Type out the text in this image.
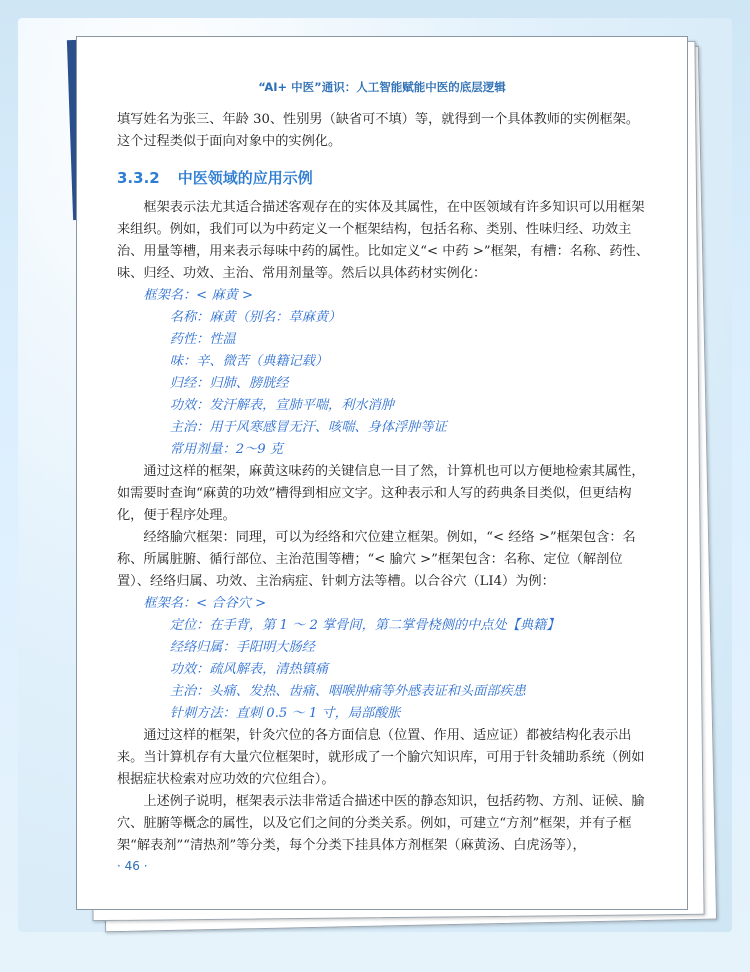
“AI+ 中医”通识：人工智能赋能中医的底层逻辑

填写姓名为张三、年龄 30、性别男（缺省可不填）等，就得到一个具体教师的实例框架。这个过程类似于面向对象中的实例化。

3.3.2 中医领域的应用示例

框架表示法尤其适合描述客观存在的实体及其属性，在中医领域有许多知识可以用框架来组织。例如，我们可以为中药定义一个框架结构，包括名称、类别、性味归经、功效主治、用量等槽，用来表示每味中药的属性。比如定义“< 中药 >”框架，有槽：名称、药性、味、归经、功效、主治、常用剂量等。然后以具体药材实例化：

框架名：< 麻黄 >
名称：麻黄（别名：草麻黄）
药性：性温
味：辛、微苦（典籍记载）
归经：归肺、膀胱经
功效：发汗解表，宣肺平喘，利水消肿
主治：用于风寒感冒无汗、咳喘、身体浮肿等证
常用剂量：2～9 克

通过这样的框架，麻黄这味药的关键信息一目了然，计算机也可以方便地检索其属性，如需要时查询“麻黄的功效”槽得到相应文字。这种表示和人写的药典条目类似，但更结构化，便于程序处理。

经络腧穴框架：同理，可以为经络和穴位建立框架。例如，“< 经络 >”框架包含：名称、所属脏腑、循行部位、主治范围等槽；“< 腧穴 >”框架包含：名称、定位（解剖位置）、经络归属、功效、主治病症、针刺方法等槽。以合谷穴（LI4）为例：

框架名：< 合谷穴 >
定位：在手背，第 1 ～ 2 掌骨间，第二掌骨桡侧的中点处【典籍】
经络归属：手阳明大肠经
功效：疏风解表，清热镇痛
主治：头痛、发热、齿痛、咽喉肿痛等外感表证和头面部疾患
针刺方法：直刺 0.5 ～ 1 寸，局部酸胀

通过这样的框架，针灸穴位的各方面信息（位置、作用、适应证）都被结构化表示出来。当计算机存有大量穴位框架时，就形成了一个腧穴知识库，可用于针灸辅助系统（例如根据症状检索对应功效的穴位组合）。

上述例子说明，框架表示法非常适合描述中医的静态知识，包括药物、方剂、证候、腧穴、脏腑等概念的属性，以及它们之间的分类关系。例如，可建立“方剂”框架，并有子框架“解表剂”“清热剂”等分类，每个分类下挂具体方剂框架（麻黄汤、白虎汤等），

· 46 ·
